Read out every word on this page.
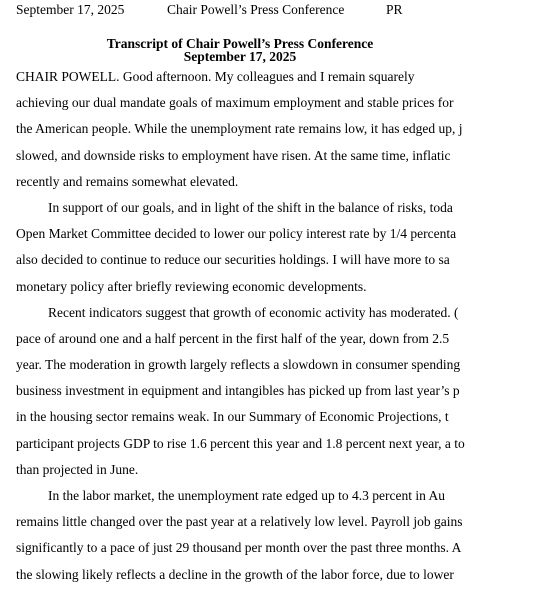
September 17, 2025	Chair Powell’s Press Conference	PR
Transcript of Chair Powell’s Press Conference
September 17, 2025
CHAIR POWELL. Good afternoon. My colleagues and I remain squarely
achieving our dual mandate goals of maximum employment and stable prices for
the American people. While the unemployment rate remains low, it has edged up, j
slowed, and downside risks to employment have risen. At the same time, inflatic
recently and remains somewhat elevated.
In support of our goals, and in light of the shift in the balance of risks, toda
Open Market Committee decided to lower our policy interest rate by 1/4 percenta
also decided to continue to reduce our securities holdings. I will have more to sa
monetary policy after briefly reviewing economic developments.
Recent indicators suggest that growth of economic activity has moderated. (
pace of around one and a half percent in the first half of the year, down from 2.5
year. The moderation in growth largely reflects a slowdown in consumer spending
business investment in equipment and intangibles has picked up from last year’s p
in the housing sector remains weak. In our Summary of Economic Projections, t
participant projects GDP to rise 1.6 percent this year and 1.8 percent next year, a to
than projected in June.
In the labor market, the unemployment rate edged up to 4.3 percent in Au
remains little changed over the past year at a relatively low level. Payroll job gains
significantly to a pace of just 29 thousand per month over the past three months. A
the slowing likely reflects a decline in the growth of the labor force, due to lower
